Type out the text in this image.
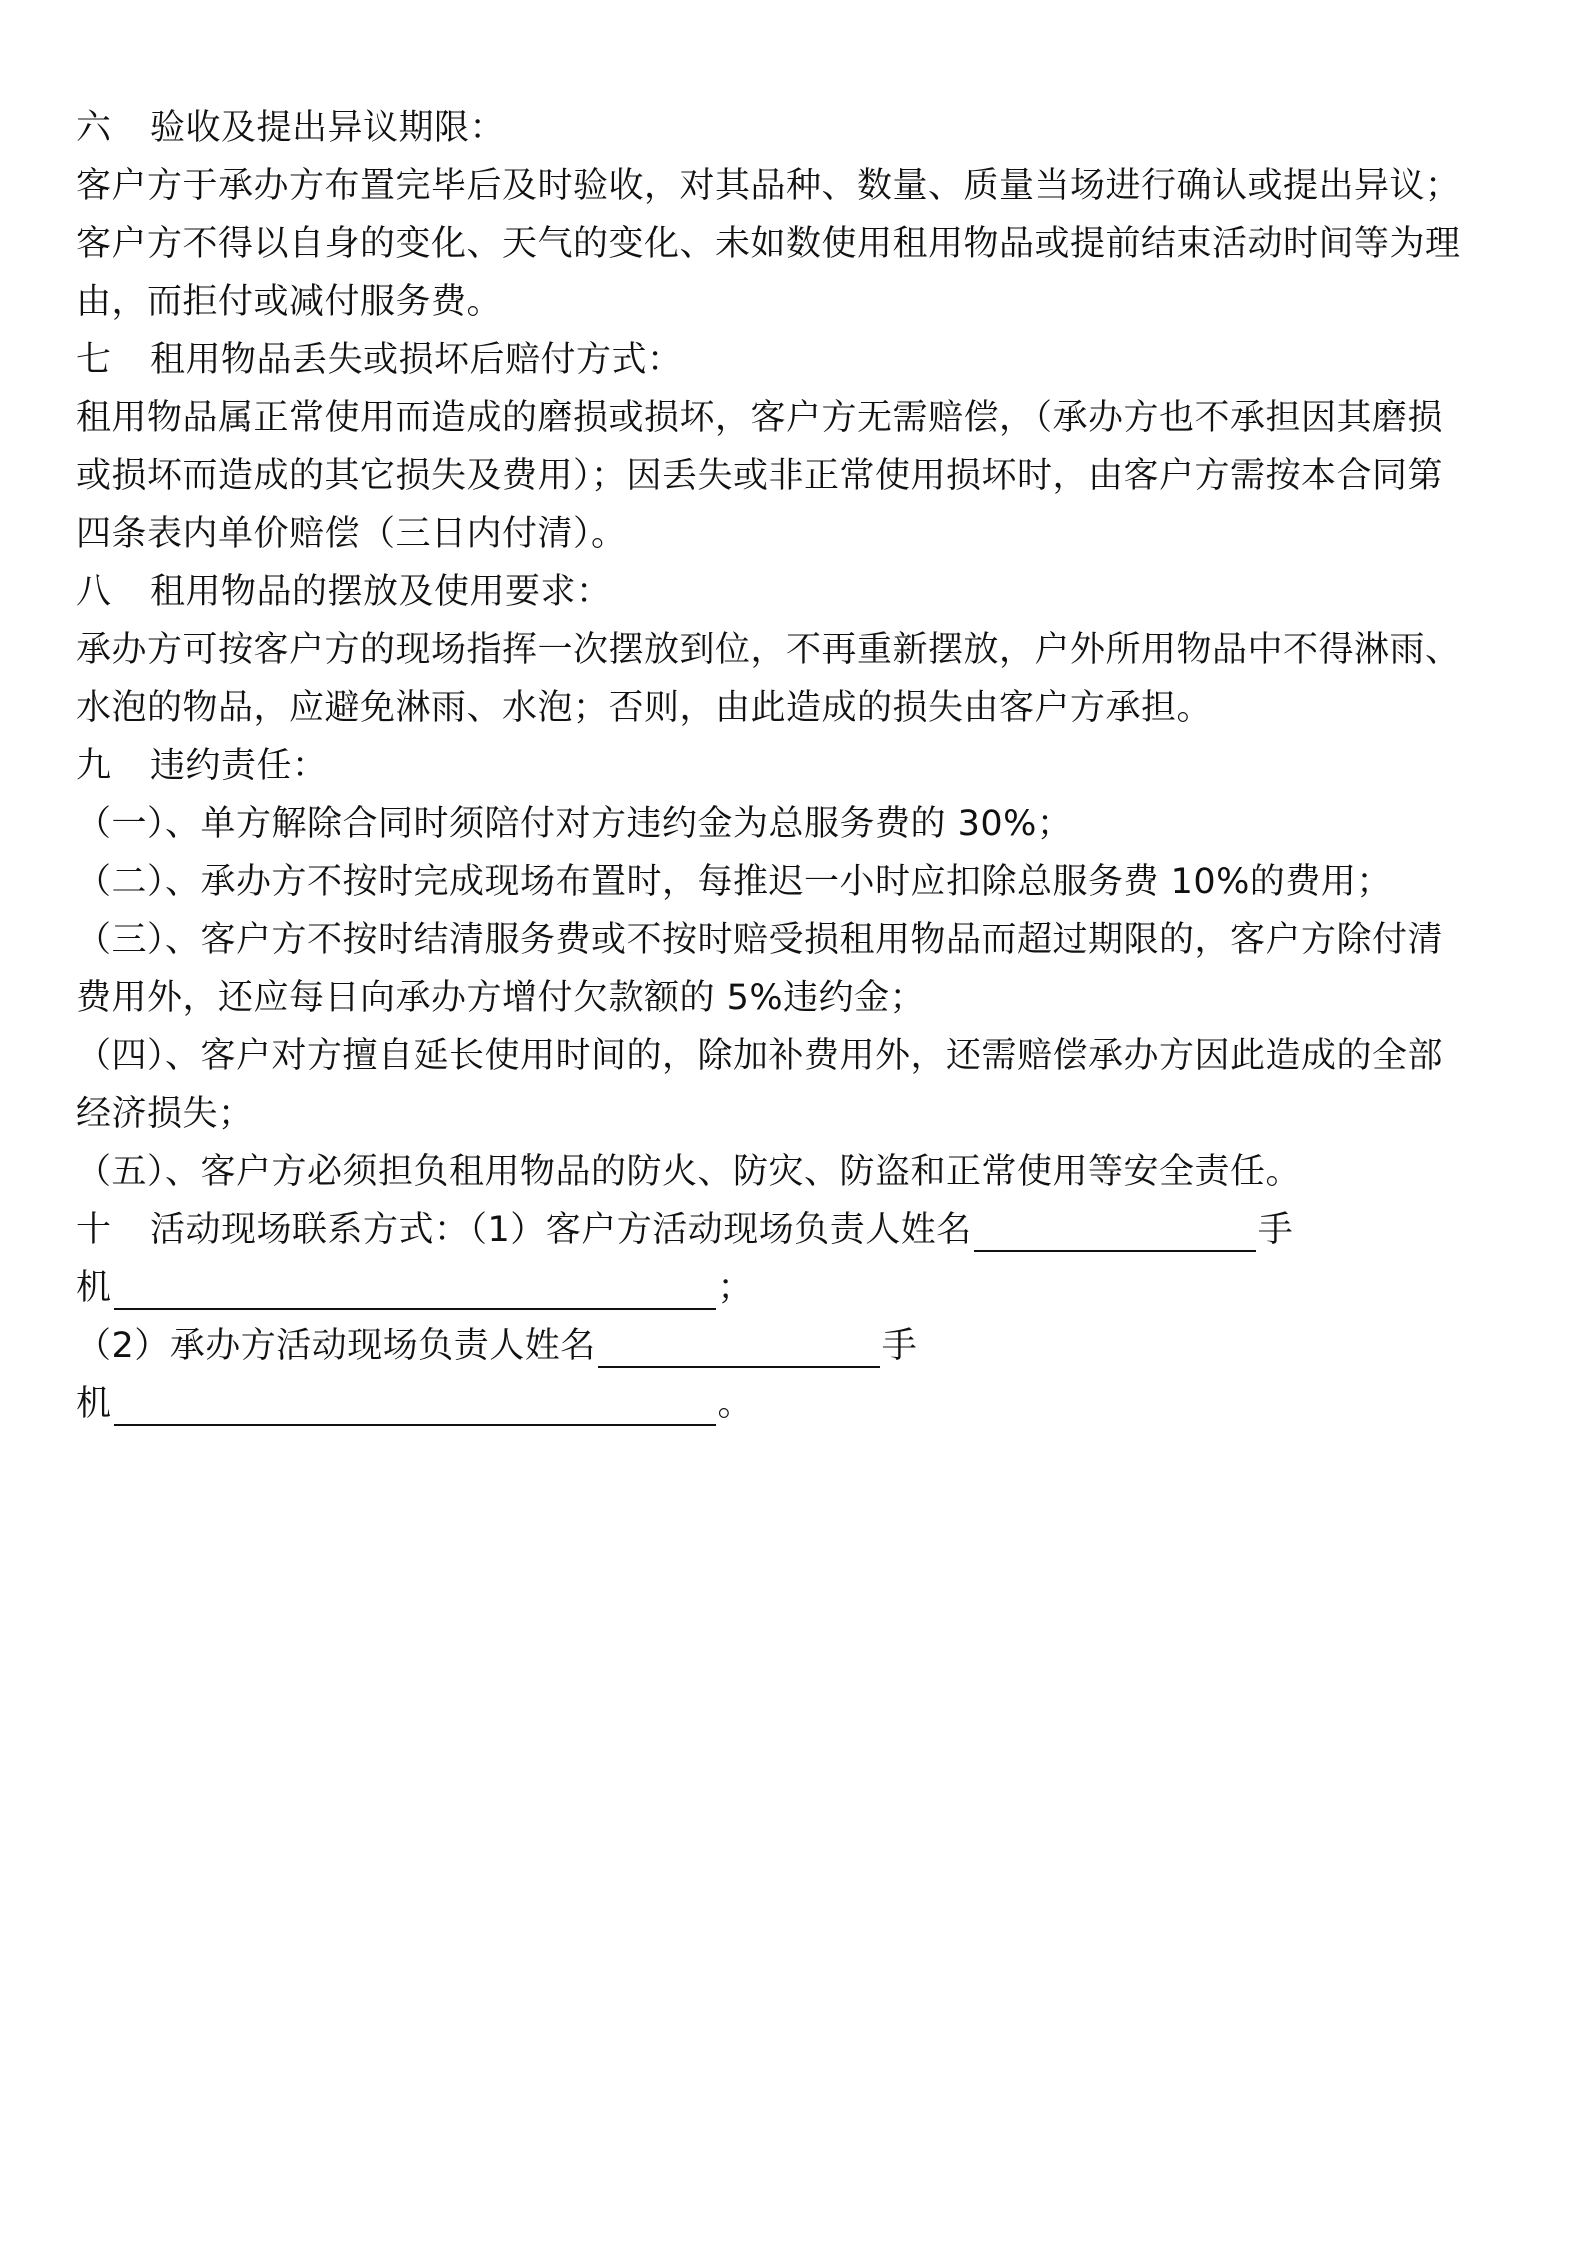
六 验收及提出异议期限：
客户方于承办方布置完毕后及时验收，对其品种、数量、质量当场进行确认或提出异议；
客户方不得以自身的变化、天气的变化、未如数使用租用物品或提前结束活动时间等为理
由，而拒付或减付服务费。
七 租用物品丢失或损坏后赔付方式：
租用物品属正常使用而造成的磨损或损坏，客户方无需赔偿，（承办方也不承担因其磨损
或损坏而造成的其它损失及费用）；因丢失或非正常使用损坏时，由客户方需按本合同第
四条表内单价赔偿（三日内付清）。
八 租用物品的摆放及使用要求：
承办方可按客户方的现场指挥一次摆放到位，不再重新摆放，户外所用物品中不得淋雨、
水泡的物品，应避免淋雨、水泡；否则，由此造成的损失由客户方承担。
九 违约责任：
（一）、单方解除合同时须陪付对方违约金为总服务费的 30%；
（二）、承办方不按时完成现场布置时，每推迟一小时应扣除总服务费 10%的费用；
（三）、客户方不按时结清服务费或不按时赔受损租用物品而超过期限的，客户方除付清
费用外，还应每日向承办方增付欠款额的 5%违约金；
（四）、客户对方擅自延长使用时间的，除加补费用外，还需赔偿承办方因此造成的全部
经济损失；
（五）、客户方必须担负租用物品的防火、防灾、防盗和正常使用等安全责任。
十 活动现场联系方式：（1）客户方活动现场负责人姓名	手
机	；
（2）承办方活动现场负责人姓名	手
机	。
